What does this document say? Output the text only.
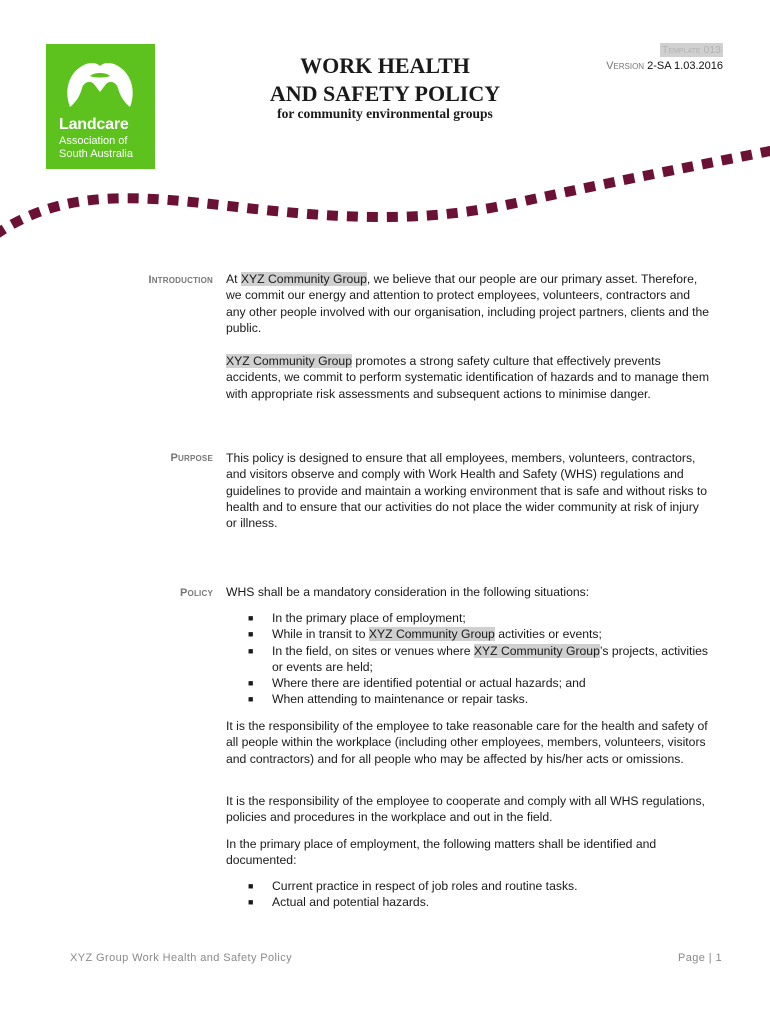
Landcare
Association of
South Australia
WORK HEALTH
AND SAFETY POLICY
for community environmental groups
Template 013
Version 2-SA 1.03.2016
Introduction At XYZ Community Group, we believe that our people are our primary asset. Therefore, we commit our energy and attention to protect employees, volunteers, contractors and any other people involved with our organisation, including project partners, clients and the public.
XYZ Community Group promotes a strong safety culture that effectively prevents accidents, we commit to perform systematic identification of hazards and to manage them with appropriate risk assessments and subsequent actions to minimise danger.
Purpose This policy is designed to ensure that all employees, members, volunteers, contractors, and visitors observe and comply with Work Health and Safety (WHS) regulations and guidelines to provide and maintain a working environment that is safe and without risks to health and to ensure that our activities do not place the wider community at risk of injury or illness.
Policy WHS shall be a mandatory consideration in the following situations:
■ In the primary place of employment;
■ While in transit to XYZ Community Group activities or events;
■ In the field, on sites or venues where XYZ Community Group’s projects, activities or events are held;
■ Where there are identified potential or actual hazards; and
■ When attending to maintenance or repair tasks.
It is the responsibility of the employee to take reasonable care for the health and safety of all people within the workplace (including other employees, members, volunteers, visitors and contractors) and for all people who may be affected by his/her acts or omissions.
It is the responsibility of the employee to cooperate and comply with all WHS regulations, policies and procedures in the workplace and out in the field.
In the primary place of employment, the following matters shall be identified and documented:
■ Current practice in respect of job roles and routine tasks.
■ Actual and potential hazards.
XYZ Group Work Health and Safety Policy	Page | 1
